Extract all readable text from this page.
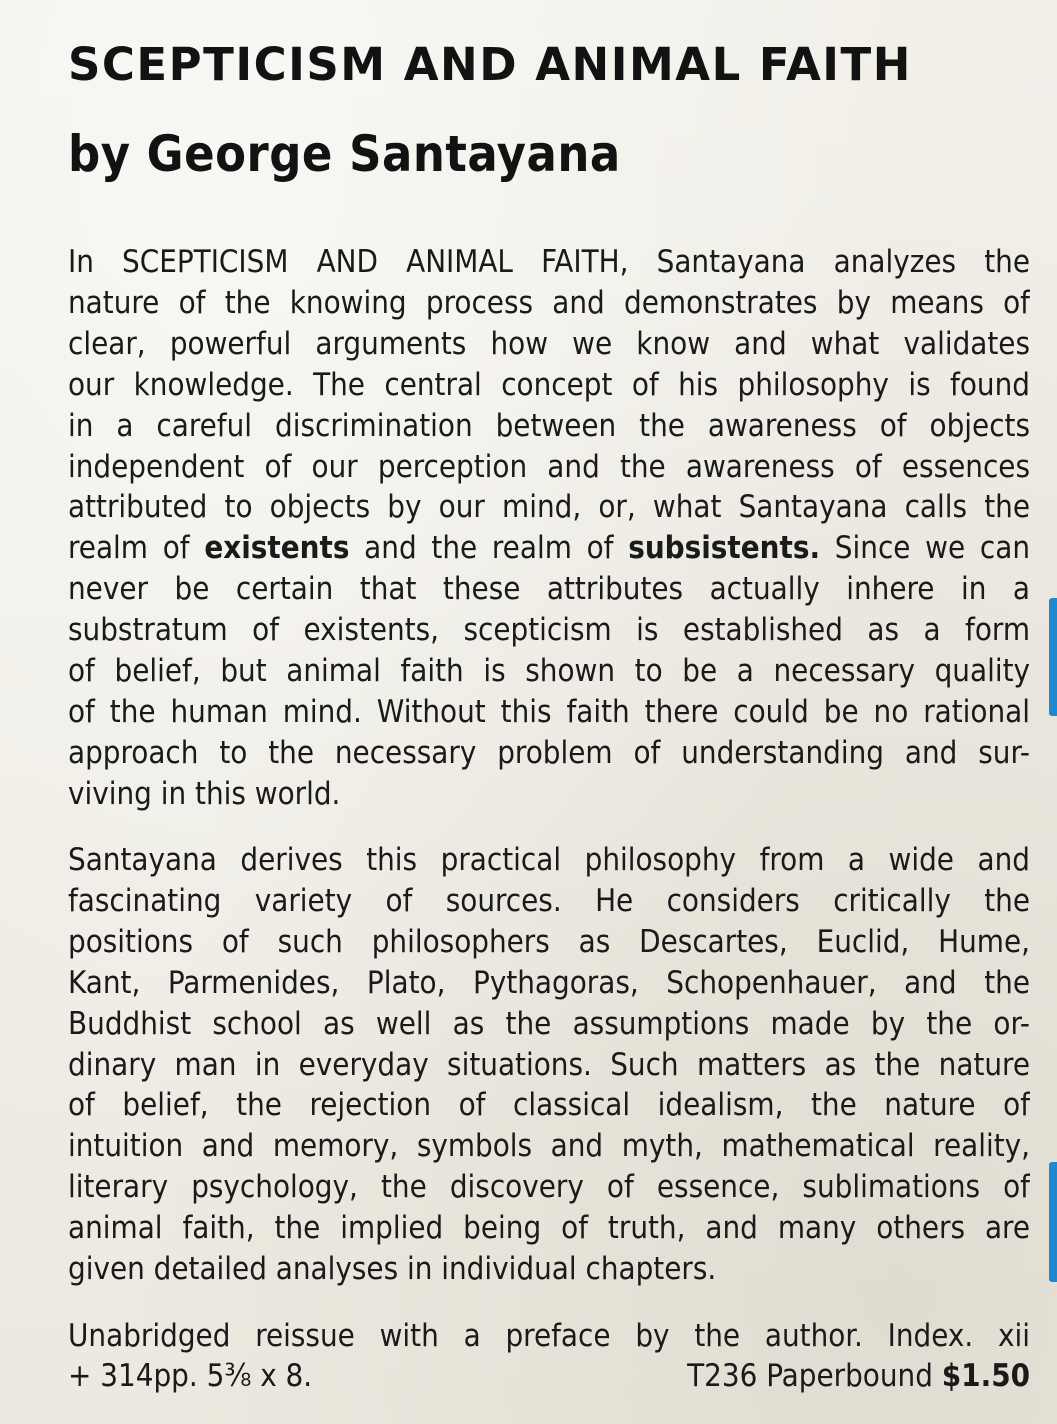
SCEPTICISM AND ANIMAL FAITH
by George Santayana
In SCEPTICISM AND ANIMAL FAITH, Santayana analyzes the
nature of the knowing process and demonstrates by means of
clear, powerful arguments how we know and what validates
our knowledge. The central concept of his philosophy is found
in a careful discrimination between the awareness of objects
independent of our perception and the awareness of essences
attributed to objects by our mind, or, what Santayana calls the
realm of existents and the realm of subsistents. Since we can
never be certain that these attributes actually inhere in a
substratum of existents, scepticism is established as a form
of belief, but animal faith is shown to be a necessary quality
of the human mind. Without this faith there could be no rational
approach to the necessary problem of understanding and sur-
viving in this world.
Santayana derives this practical philosophy from a wide and
fascinating variety of sources. He considers critically the
positions of such philosophers as Descartes, Euclid, Hume,
Kant, Parmenides, Plato, Pythagoras, Schopenhauer, and the
Buddhist school as well as the assumptions made by the or-
dinary man in everyday situations. Such matters as the nature
of belief, the rejection of classical idealism, the nature of
intuition and memory, symbols and myth, mathematical reality,
literary psychology, the discovery of essence, sublimations of
animal faith, the implied being of truth, and many others are
given detailed analyses in individual chapters.
Unabridged reissue with a preface by the author. Index. xii
+ 314pp. 5⅜ x 8.	T236 Paperbound $1.50
